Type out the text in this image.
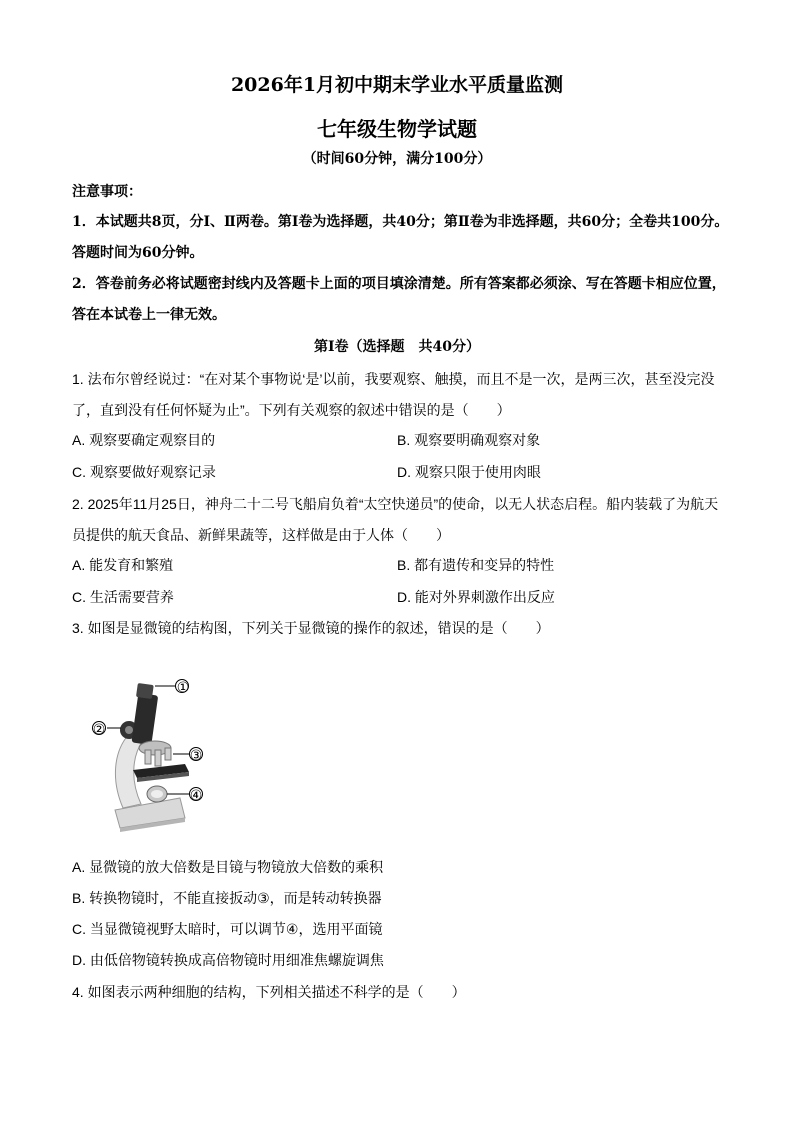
2026年1月初中期末学业水平质量监测
七年级生物学试题
（时间60分钟，满分100分）
注意事项：
1．本试题共8页，分Ⅰ、Ⅱ两卷。第Ⅰ卷为选择题，共40分；第Ⅱ卷为非选择题，共60分；全卷共100分。答题时间为60分钟。
2．答卷前务必将试题密封线内及答题卡上面的项目填涂清楚。所有答案都必须涂、写在答题卡相应位置，答在本试卷上一律无效。
第Ⅰ卷（选择题　共40分）
1. 法布尔曾经说过：“在对某个事物说‘是’以前，我要观察、触摸，而且不是一次，是两三次，甚至没完没了，直到没有任何怀疑为止”。下列有关观察的叙述中错误的是（　　）
A. 观察要确定观察目的	B. 观察要明确观察对象
C. 观察要做好观察记录	D. 观察只限于使用肉眼
2. 2025年11月25日，神舟二十二号飞船肩负着“太空快递员”的使命，以无人状态启程。船内装载了为航天员提供的航天食品、新鲜果蔬等，这样做是由于人体（　　）
A. 能发育和繁殖	B. 都有遗传和变异的特性
C. 生活需要营养	D. 能对外界刺激作出反应
3. 如图是显微镜的结构图，下列关于显微镜的操作的叙述，错误的是（　　）
①
②
③
④
A. 显微镜的放大倍数是目镜与物镜放大倍数的乘积
B. 转换物镜时，不能直接扳动③，而是转动转换器
C. 当显微镜视野太暗时，可以调节④，选用平面镜
D. 由低倍物镜转换成高倍物镜时用细准焦螺旋调焦
4. 如图表示两种细胞的结构，下列相关描述不科学的是（　　）
